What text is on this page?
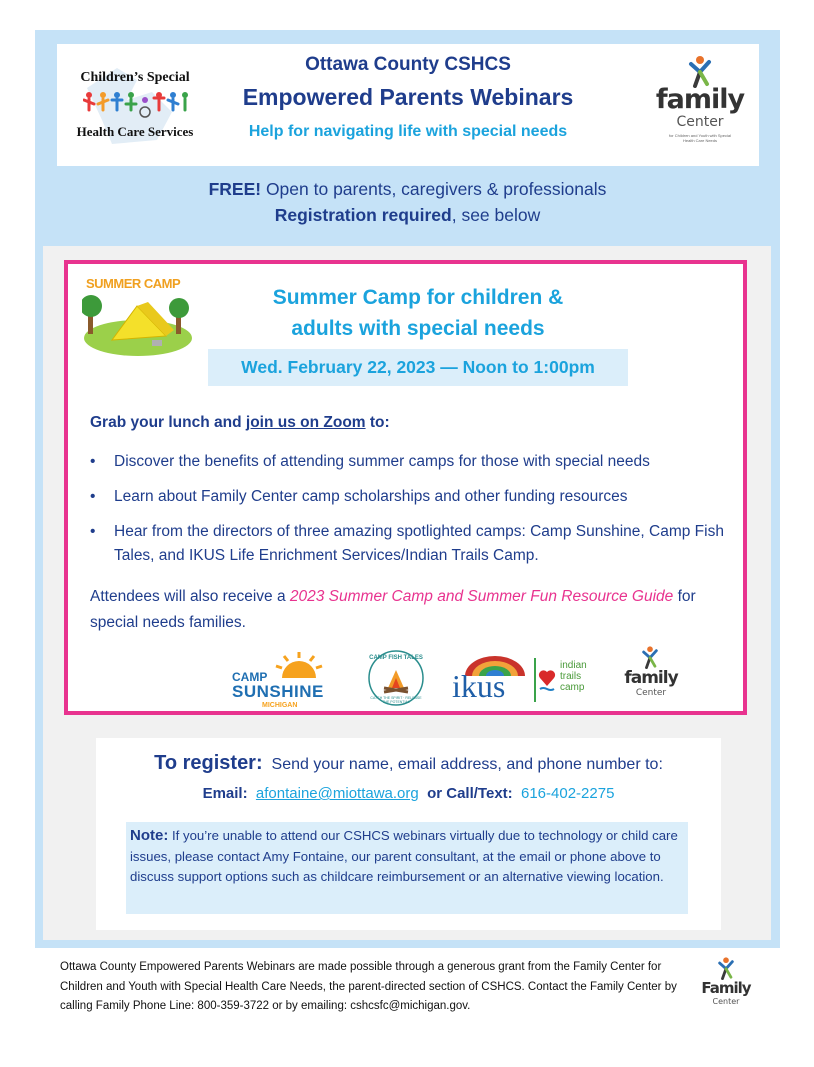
Children’s Special
Health Care Services
Ottawa County CSHCS
Empowered Parents Webinars
Help for navigating life with special needs
family
Center
for Children and Youth with Special Health Care Needs
FREE! Open to parents, caregivers & professionals
Registration required, see below
SUMMER CAMP
Summer Camp for children &
adults with special needs
Wed. February 22, 2023 — Noon to 1:00pm
Grab your lunch and join us on Zoom to:
• Discover the benefits of attending summer camps for those with special needs
• Learn about Family Center camp scholarships and other funding resources
• Hear from the directors of three amazing spotlighted camps: Camp Sunshine, Camp Fish Tales, and IKUS Life Enrichment Services/Indian Trails Camp.
Attendees will also receive a 2023 Summer Camp and Summer Fun Resource Guide for special needs families.
CAMP
SUNSHINE
MICHIGAN
CAMP FISH TALES
CATCH THE SPIRIT · RELEASE THE POTENTIAL	ikus
indian trails camp	family
Center
To register:  Send your name, email address, and phone number to:
Email:  afontaine@miottawa.org  or Call/Text:  616-402-2275
Note: If you’re unable to attend our CSHCS webinars virtually due to technology or child care issues, please contact Amy Fontaine, our parent consultant, at the email or phone above to discuss support options such as childcare reimbursement or an alternative viewing location.
Ottawa County Empowered Parents Webinars are made possible through a generous grant from the Family Center for Children and Youth with Special Health Care Needs, the parent-directed section of CSHCS. Contact the Family Center by calling Family Phone Line: 800-359-3722 or by emailing: cshcsfc@michigan.gov.
Family
Center
